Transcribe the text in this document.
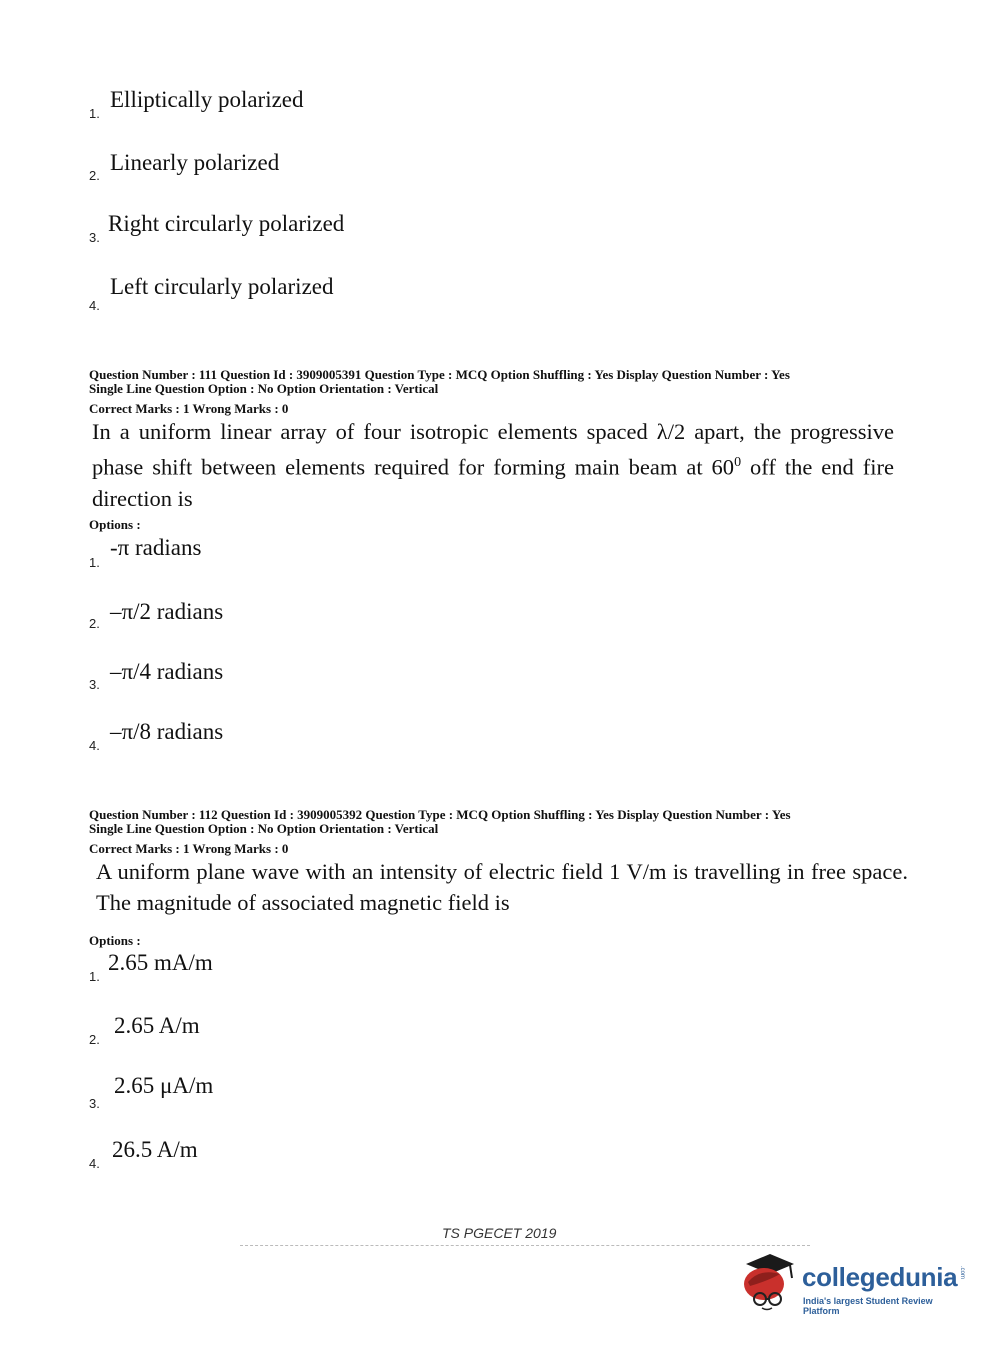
1.
Elliptically polarized
2.
Linearly polarized
3.
Right circularly polarized
4.
Left circularly polarized
Question Number : 111 Question Id : 3909005391 Question Type : MCQ Option Shuffling : Yes Display Question Number : Yes
Single Line Question Option : No Option Orientation : Vertical
Correct Marks : 1 Wrong Marks : 0
In a uniform linear array of four isotropic elements spaced λ/2 apart, the progressive phase shift between elements required for forming main beam at $60^0$ off the end fire direction is
Options :
1.
-π radians
2. –π/2 radians
3.
–π/4 radians
4.
–π/8 radians
Question Number : 112 Question Id : 3909005392 Question Type : MCQ Option Shuffling : Yes Display Question Number : Yes
Single Line Question Option : No Option Orientation : Vertical
Correct Marks : 1 Wrong Marks : 0
A uniform plane wave with an intensity of electric field 1 V/m is travelling in free space. The magnitude of associated magnetic field is
Options :
1.
2.65 mA/m
2.
2.65 A/m
3.
2.65 μA/m
4.
26.5 A/m
TS PGECET 2019
collegedunia .com
India's largest Student Review Platform
